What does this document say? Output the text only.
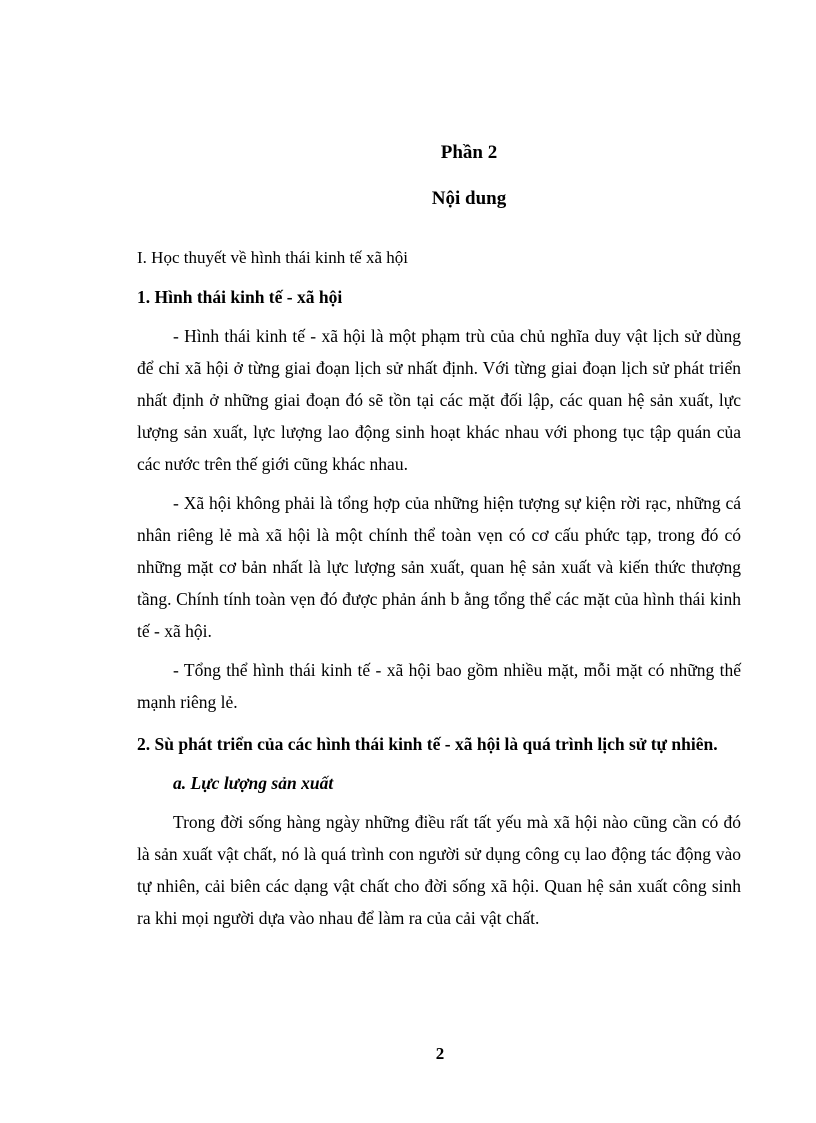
Phần 2
Nội dung
I. Học thuyết về hình thái kinh tế xã hội
1. Hình thái kinh tế - xã hội

- Hình thái kinh tế - xã hội là một phạm trù của chủ nghĩa duy vật lịch sử dùng để chỉ xã hội ở từng giai đoạn lịch sử nhất định. Với từng giai đoạn lịch sử phát triển nhất định ở những giai đoạn đó sẽ tồn tại các mặt đối lập, các quan hệ sản xuất, lực lượng sản xuất, lực lượng lao động sinh hoạt khác nhau với phong tục tập quán của các nước trên thế giới cũng khác nhau.

- Xã hội không phải là tổng hợp của những hiện tượng sự kiện rời rạc, những cá nhân riêng lẻ mà xã hội là một chính thể toàn vẹn có cơ cấu phức tạp, trong đó có những mặt cơ bản nhất là lực lượng sản xuất, quan hệ sản xuất và kiến thức thượng tầng. Chính tính toàn vẹn đó được phản ánh b ằng tổng thể các mặt của hình thái kinh tế - xã hội.

- Tổng thể hình thái kinh tế - xã hội bao gồm nhiều mặt, mỗi mặt có những thế mạnh riêng lẻ.

2. Sù phát triển của các hình thái kinh tế - xã hội là quá trình lịch sử tự nhiên.
a. Lực lượng sản xuất

Trong đời sống hàng ngày những điều rất tất yếu mà xã hội nào cũng cần có đó là sản xuất vật chất, nó là quá trình con người sử dụng công cụ lao động tác động vào tự nhiên, cải biên các dạng vật chất cho đời sống xã hội. Quan hệ sản xuất công sinh ra khi mọi người dựa vào nhau để làm ra của cải vật chất.

2
